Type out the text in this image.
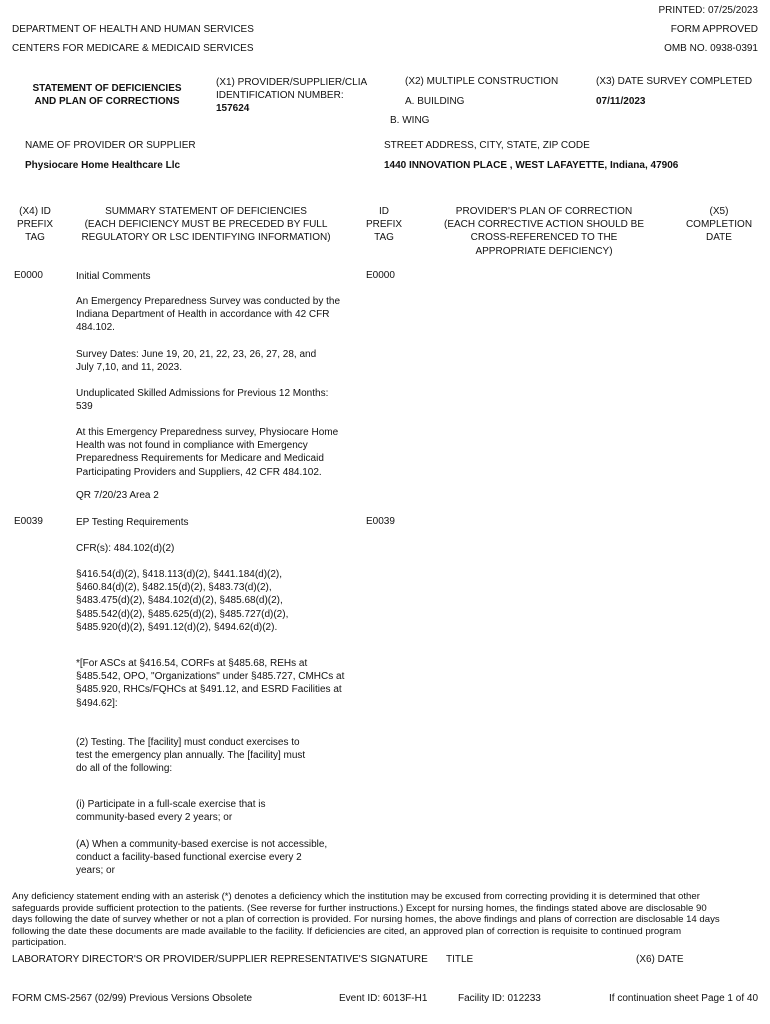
PRINTED: 07/25/2023
DEPARTMENT OF HEALTH AND HUMAN SERVICES	FORM APPROVED
CENTERS FOR MEDICARE & MEDICAID SERVICES	OMB NO. 0938-0391
STATEMENT OF DEFICIENCIES
AND PLAN OF CORRECTIONS
(X1) PROVIDER/SUPPLIER/CLIA
IDENTIFICATION NUMBER:
157624
(X2) MULTIPLE CONSTRUCTION
A. BUILDING
B. WING
(X3) DATE SURVEY COMPLETED
07/11/2023
NAME OF PROVIDER OR SUPPLIER
Physiocare Home Healthcare Llc
STREET ADDRESS, CITY, STATE, ZIP CODE
1440 INNOVATION PLACE , WEST LAFAYETTE, Indiana, 47906
(X4) ID
PREFIX
TAG
SUMMARY STATEMENT OF DEFICIENCIES
(EACH DEFICIENCY MUST BE PRECEDED BY FULL
REGULATORY OR LSC IDENTIFYING INFORMATION)
ID
PREFIX
TAG
PROVIDER'S PLAN OF CORRECTION
(EACH CORRECTIVE ACTION SHOULD BE
CROSS-REFERENCED TO THE
APPROPRIATE DEFICIENCY)
(X5)
COMPLETION
DATE
E0000	Initial Comments	E0000
An Emergency Preparedness Survey was conducted by the
Indiana Department of Health in accordance with 42 CFR
484.102.
Survey Dates: June 19, 20, 21, 22, 23, 26, 27, 28, and
July 7,10, and 11, 2023.
Unduplicated Skilled Admissions for Previous 12 Months:
539
At this Emergency Preparedness survey, Physiocare Home
Health was not found in compliance with Emergency
Preparedness Requirements for Medicare and Medicaid
Participating Providers and Suppliers, 42 CFR 484.102.
QR 7/20/23 Area 2
E0039	EP Testing Requirements	E0039
CFR(s): 484.102(d)(2)
§416.54(d)(2), §418.113(d)(2), §441.184(d)(2),
§460.84(d)(2), §482.15(d)(2), §483.73(d)(2),
§483.475(d)(2), §484.102(d)(2), §485.68(d)(2),
§485.542(d)(2), §485.625(d)(2), §485.727(d)(2),
§485.920(d)(2), §491.12(d)(2), §494.62(d)(2).
*[For ASCs at §416.54, CORFs at §485.68, REHs at
§485.542, OPO, "Organizations" under §485.727, CMHCs at
§485.920, RHCs/FQHCs at §491.12, and ESRD Facilities at
§494.62]:
(2) Testing. The [facility] must conduct exercises to
test the emergency plan annually. The [facility] must
do all of the following:
(i) Participate in a full-scale exercise that is
community-based every 2 years; or
(A) When a community-based exercise is not accessible,
conduct a facility-based functional exercise every 2
years; or
Any deficiency statement ending with an asterisk (*) denotes a deficiency which the institution may be excused from correcting providing it is determined that other
safeguards provide sufficient protection to the patients. (See reverse for further instructions.) Except for nursing homes, the findings stated above are disclosable 90
days following the date of survey whether or not a plan of correction is provided. For nursing homes, the above findings and plans of correction are disclosable 14 days
following the date these documents are made available to the facility. If deficiencies are cited, an approved plan of correction is requisite to continued program
participation.
LABORATORY DIRECTOR'S OR PROVIDER/SUPPLIER REPRESENTATIVE'S SIGNATURE TITLE	(X6) DATE
FORM CMS-2567 (02/99) Previous Versions Obsolete	Event ID: 6013F-H1	Facility ID: 012233	If continuation sheet Page 1 of 40
